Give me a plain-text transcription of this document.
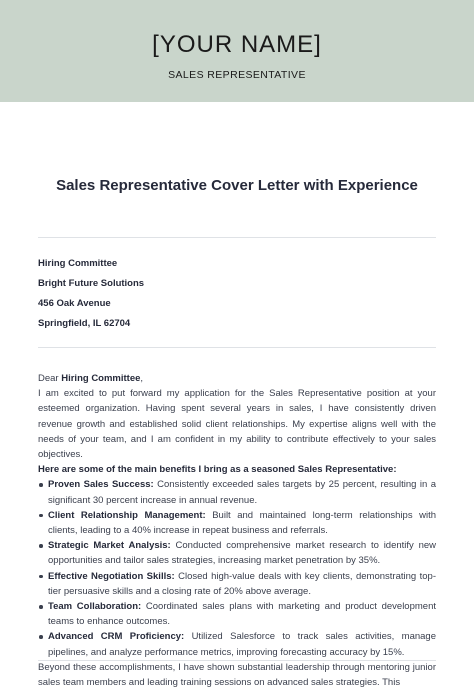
[YOUR NAME]
SALES REPRESENTATIVE
Sales Representative Cover Letter with Experience
Hiring Committee
Bright Future Solutions
456 Oak Avenue
Springfield, IL 62704

Dear Hiring Committee,

I am excited to put forward my application for the Sales Representative position at your esteemed organization. Having spent several years in sales, I have consistently driven revenue growth and established solid client relationships. My expertise aligns well with the needs of your team, and I am confident in my ability to contribute effectively to your sales objectives.

Here are some of the main benefits I bring as a seasoned Sales Representative:

Proven Sales Success: Consistently exceeded sales targets by 25 percent, resulting in a significant 30 percent increase in annual revenue.
Client Relationship Management: Built and maintained long-term relationships with clients, leading to a 40% increase in repeat business and referrals.
Strategic Market Analysis: Conducted comprehensive market research to identify new opportunities and tailor sales strategies, increasing market penetration by 35%.
Effective Negotiation Skills: Closed high-value deals with key clients, demonstrating top-tier persuasive skills and a closing rate of 20% above average.
Team Collaboration: Coordinated sales plans with marketing and product development teams to enhance outcomes.
Advanced CRM Proficiency: Utilized Salesforce to track sales activities, manage pipelines, and analyze performance metrics, improving forecasting accuracy by 15%.

Beyond these accomplishments, I have shown substantial leadership through mentoring junior sales team members and leading training sessions on advanced sales strategies. This
